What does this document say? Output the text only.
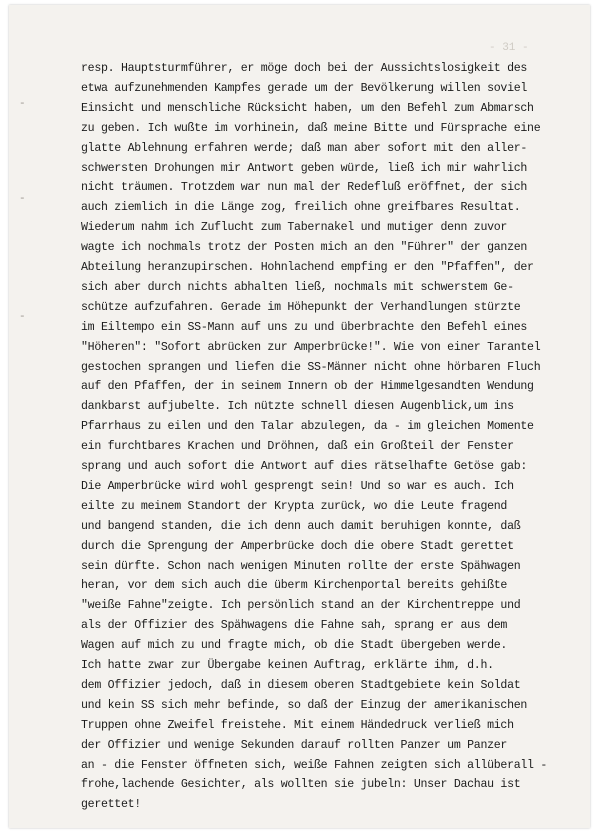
- 31 -
-
-
-
resp. Hauptsturmführer, er möge doch bei der Aussichtslosigkeit des
etwa aufzunehmenden Kampfes gerade um der Bevölkerung willen soviel
Einsicht und menschliche Rücksicht haben, um den Befehl zum Abmarsch
zu geben. Ich wußte im vorhinein, daß meine Bitte und Fürsprache eine
glatte Ablehnung erfahren werde; daß man aber sofort mit den aller-
schwersten Drohungen mir Antwort geben würde, ließ ich mir wahrlich
nicht träumen. Trotzdem war nun mal der Redefluß eröffnet, der sich
auch ziemlich in die Länge zog, freilich ohne greifbares Resultat.
Wiederum nahm ich Zuflucht zum Tabernakel und mutiger denn zuvor
wagte ich nochmals trotz der Posten mich an den "Führer" der ganzen
Abteilung heranzupirschen. Hohnlachend empfing er den "Pfaffen", der
sich aber durch nichts abhalten ließ, nochmals mit schwerstem Ge-
schütze aufzufahren. Gerade im Höhepunkt der Verhandlungen stürzte
im Eiltempo ein SS-Mann auf uns zu und überbrachte den Befehl eines
"Höheren": "Sofort abrücken zur Amperbrücke!". Wie von einer Tarantel
gestochen sprangen und liefen die SS-Männer nicht ohne hörbaren Fluch
auf den Pfaffen, der in seinem Innern ob der Himmelgesandten Wendung
dankbarst aufjubelte. Ich nützte schnell diesen Augenblick,um ins
Pfarrhaus zu eilen und den Talar abzulegen, da - im gleichen Momente
ein furchtbares Krachen und Dröhnen, daß ein Großteil der Fenster
sprang und auch sofort die Antwort auf dies rätselhafte Getöse gab:
Die Amperbrücke wird wohl gesprengt sein! Und so war es auch. Ich
eilte zu meinem Standort der Krypta zurück, wo die Leute fragend
und bangend standen, die ich denn auch damit beruhigen konnte, daß
durch die Sprengung der Amperbrücke doch die obere Stadt gerettet
sein dürfte. Schon nach wenigen Minuten rollte der erste Spähwagen
heran, vor dem sich auch die überm Kirchenportal bereits gehißte
"weiße Fahne"zeigte. Ich persönlich stand an der Kirchentreppe und
als der Offizier des Spähwagens die Fahne sah, sprang er aus dem
Wagen auf mich zu und fragte mich, ob die Stadt übergeben werde.
Ich hatte zwar zur Übergabe keinen Auftrag, erklärte ihm, d.h.
dem Offizier jedoch, daß in diesem oberen Stadtgebiete kein Soldat
und kein SS sich mehr befinde, so daß der Einzug der amerikanischen
Truppen ohne Zweifel freistehe. Mit einem Händedruck verließ mich
der Offizier und wenige Sekunden darauf rollten Panzer um Panzer
an - die Fenster öffneten sich, weiße Fahnen zeigten sich allüberall -
frohe,lachende Gesichter, als wollten sie jubeln: Unser Dachau ist
gerettet!
